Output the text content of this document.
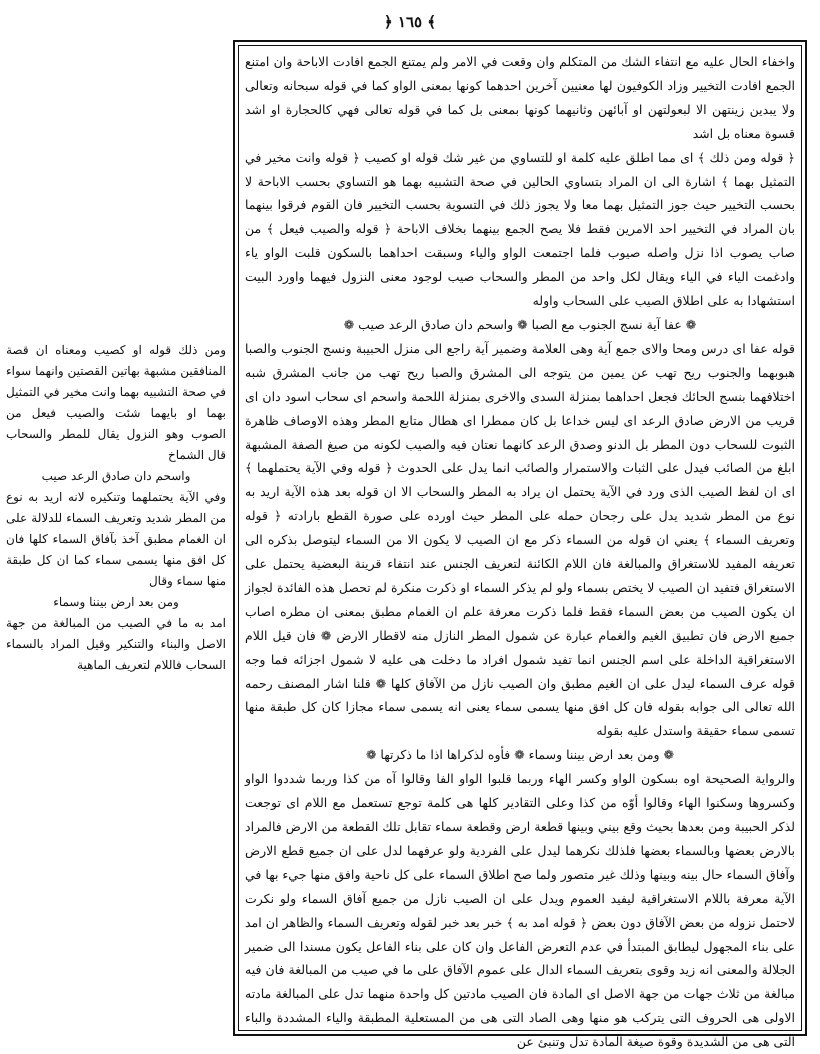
﴿ ١٦٥ ﴾

واخفاء الحال عليه مع انتفاء الشك من المتكلم وان وقعت في الامر ولم يمتنع الجمع افادت الاباحة وان امتنع الجمع افادت التخيير وزاد الكوفيون لها معنيين آخرين احدهما كونها بمعنى الواو كما في قوله سبحانه وتعالى ولا يبدين زينتهن الا لبعولتهن او آبائهن وثانيهما كونها بمعنى بل كما في قوله تعالى فهي كالحجارة او اشد قسوة معناه بل اشد

﴿ قوله ومن ذلك ﴾ اى مما اطلق عليه كلمة او للتساوي من غير شك قوله او كصيب ﴿ قوله وانت مخير في التمثيل بهما ﴾ اشارة الى ان المراد بتساوي الحالين في صحة التشبيه بهما هو التساوي بحسب الاباحة لا بحسب التخيير حيث جوز التمثيل بهما معا ولا يجوز ذلك في التسوية بحسب التخيير فان القوم فرقوا بينهما بان المراد في التخيير احد الامرين فقط فلا يصح الجمع بينهما بخلاف الاباحة ﴿ قوله والصيب فيعل ﴾ من صاب يصوب اذا نزل واصله صيوب فلما اجتمعت الواو والياء وسبقت احداهما بالسكون قلبت الواو ياء وادغمت الياء في الياء ويقال لكل واحد من المطر والسحاب صيب لوجود معنى النزول فيهما واورد البيت استشهادا به على اطلاق الصيب على السحاب واوله

❁ عفا آية نسج الجنوب مع الصبا ❁ واسحم دان صادق الرعد صيب ❁

قوله عفا اى درس ومحا والاى جمع آية وهى العلامة وضمير آية راجع الى منزل الحبيبة ونسج الجنوب والصبا هبوبهما والجنوب ريح تهب عن يمين من يتوجه الى المشرق والصبا ريح تهب من جانب المشرق شبه اختلافهما بنسج الحائك فجعل احداهما بمنزلة السدى والاخرى بمنزلة اللحمة واسحم اى سحاب اسود دان اى قريب من الارض صادق الرعد اى ليس خداعا بل كان ممطرا اى هطال متابع المطر وهذه الاوصاف ظاهرة الثبوت للسحاب دون المطر بل الدنو وصدق الرعد كانهما نعتان فيه والصيب لكونه من صيغ الصفة المشبهة ابلغ من الصائب فيدل على الثبات والاستمرار والصائب انما يدل على الحدوث ﴿ قوله وفي الآية يحتملهما ﴾ اى ان لفظ الصيب الذى ورد في الآية يحتمل ان يراد به المطر والسحاب الا ان قوله بعد هذه الآية اريد به نوع من المطر شديد يدل على رجحان حمله على المطر حيث اورده على صورة القطع بارادته ﴿ قوله وتعريف السماء ﴾ يعني ان قوله من السماء ذكر مع ان الصيب لا يكون الا من السماء ليتوصل بذكره الى تعريفه المفيد للاستغراق والمبالغة فان اللام الكائنة لتعريف الجنس عند انتفاء قرينة البعضية يحتمل على الاستغراق فتفيد ان الصيب لا يختص بسماء ولو لم يذكر السماء او ذكرت منكرة لم تحصل هذه الفائدة لجواز ان يكون الصيب من بعض السماء فقط فلما ذكرت معرفة علم ان الغمام مطبق بمعنى ان مطره اصاب جميع الارض فان تطبيق الغيم والغمام عبارة عن شمول المطر النازل منه لاقطار الارض ❁ فان قيل اللام الاستغراقية الداخلة على اسم الجنس انما تفيد شمول افراد ما دخلت هى عليه لا شمول اجزائه فما وجه قوله عرف السماء ليدل على ان الغيم مطبق وان الصيب نازل من الآفاق كلها ❁ قلنا اشار المصنف رحمه الله تعالى الى جوابه بقوله فان كل افق منها يسمى سماء يعنى انه يسمى سماء مجازا كان كل طبقة منها تسمى سماء حقيقة واستدل عليه بقوله

❁ ومن بعد ارض بيننا وسماء ❁ فأوه لذكراها اذا ما ذكرتها ❁

والرواية الصحيحة اوه بسكون الواو وكسر الهاء وربما قلبوا الواو الفا وقالوا آه من كذا وربما شددوا الواو وكسروها وسكنوا الهاء وقالوا أوّه من كذا وعلى التقادير كلها هى كلمة توجع تستعمل مع اللام اى توجعت لذكر الحبيبة ومن بعدها بحيث وقع بيني وبينها قطعة ارض وقطعة سماء تقابل تلك القطعة من الارض فالمراد بالارض بعضها وبالسماء بعضها فلذلك نكرهما ليدل على الفردية ولو عرفهما لدل على ان جميع قطع الارض وآفاق السماء حال بينه وبينها وذلك غير متصور ولما صح اطلاق السماء على كل ناحية وافق منها جيء بها في الآية معرفة باللام الاستغراقية ليفيد العموم ويدل على ان الصيب نازل من جميع آفاق السماء ولو نكرت لاحتمل نزوله من بعض الآفاق دون بعض ﴿ قوله امد به ﴾ خبر بعد خبر لقوله وتعريف السماء والظاهر ان امد على بناء المجهول ليطابق المبتدأ في عدم التعرض الفاعل وان كان على بناء الفاعل يكون مسندا الى ضمير الجلالة والمعنى انه زيد وقوى بتعريف السماء الدال على عموم الآفاق على ما في صيب من المبالغة فان فيه مبالغة من ثلاث جهات من جهة الاصل اى المادة فان الصيب مادتين كل واحدة منهما تدل على المبالغة مادته الاولى هى الحروف التى يتركب هو منها وهى الصاد التى هى من المستعلية المطبقة والياء المشددة والباء التى هى من الشديدة وقوة صيغة المادة تدل وتنبئ عن

ومن ذلك قوله او كصيب ومعناه ان قصة المنافقين مشبهة بهاتين القصتين وانهما سواء في صحة التشبيه بهما وانت مخير في التمثيل بهما او بايهما شئت والصيب فيعل من الصوب وهو النزول يقال للمطر والسحاب قال الشماخ

واسحم دان صادق الرعد صيب

وفي الآية يحتملهما وتنكيره لانه اريد به نوع من المطر شديد وتعريف السماء للدلالة على ان الغمام مطبق آخذ بآفاق السماء كلها فان كل افق منها يسمى سماء كما ان كل طبقة منها سماء وقال

ومن بعد ارض بيننا وسماء

امد به ما في الصيب من المبالغة من جهة الاصل والبناء والتنكير وقيل المراد بالسماء السحاب فاللام لتعريف الماهية
